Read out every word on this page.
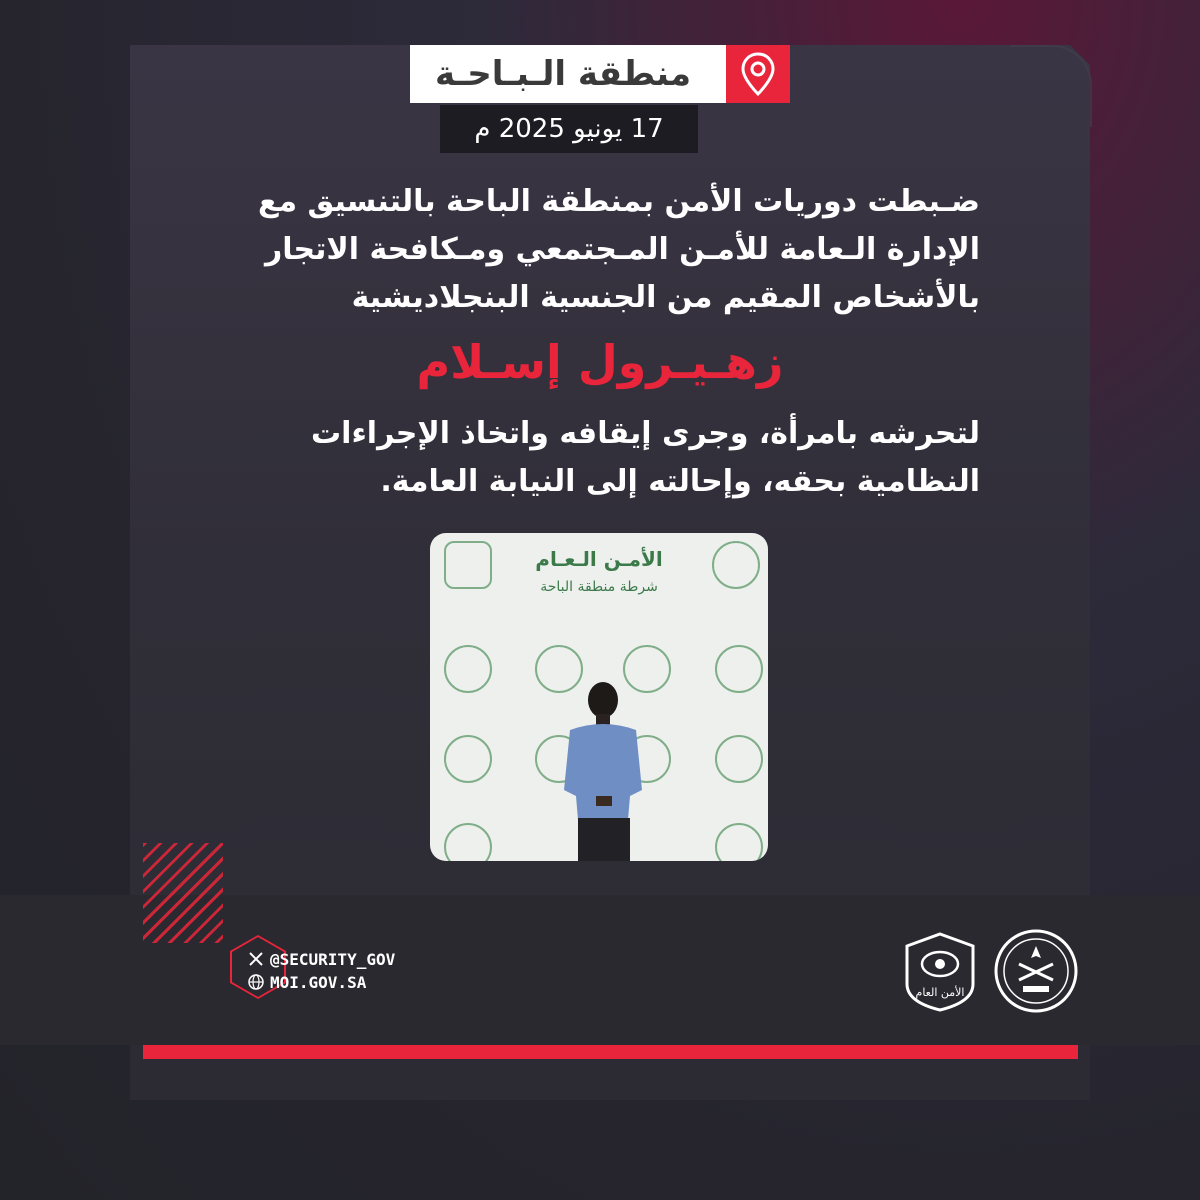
منطقة الـبـاحـة
17 يونيو 2025 م
ضـبطت دوريات الأمن بمنطقة الباحة بالتنسيق مع الإدارة الـعامة للأمـن المـجتمعي ومـكافحة الاتجار بالأشخاص المقيم من الجنسية البنجلاديشية
زهـيـرول إسـلام
لتحرشه بامرأة، وجرى إيقافه واتخاذ الإجراءات النظامية بحقه، وإحالته إلى النيابة العامة.
الأمـن الـعـام
شرطة منطقة الباحة
@SECURITY_GOV
MOI.GOV.SA
الأمن العام
